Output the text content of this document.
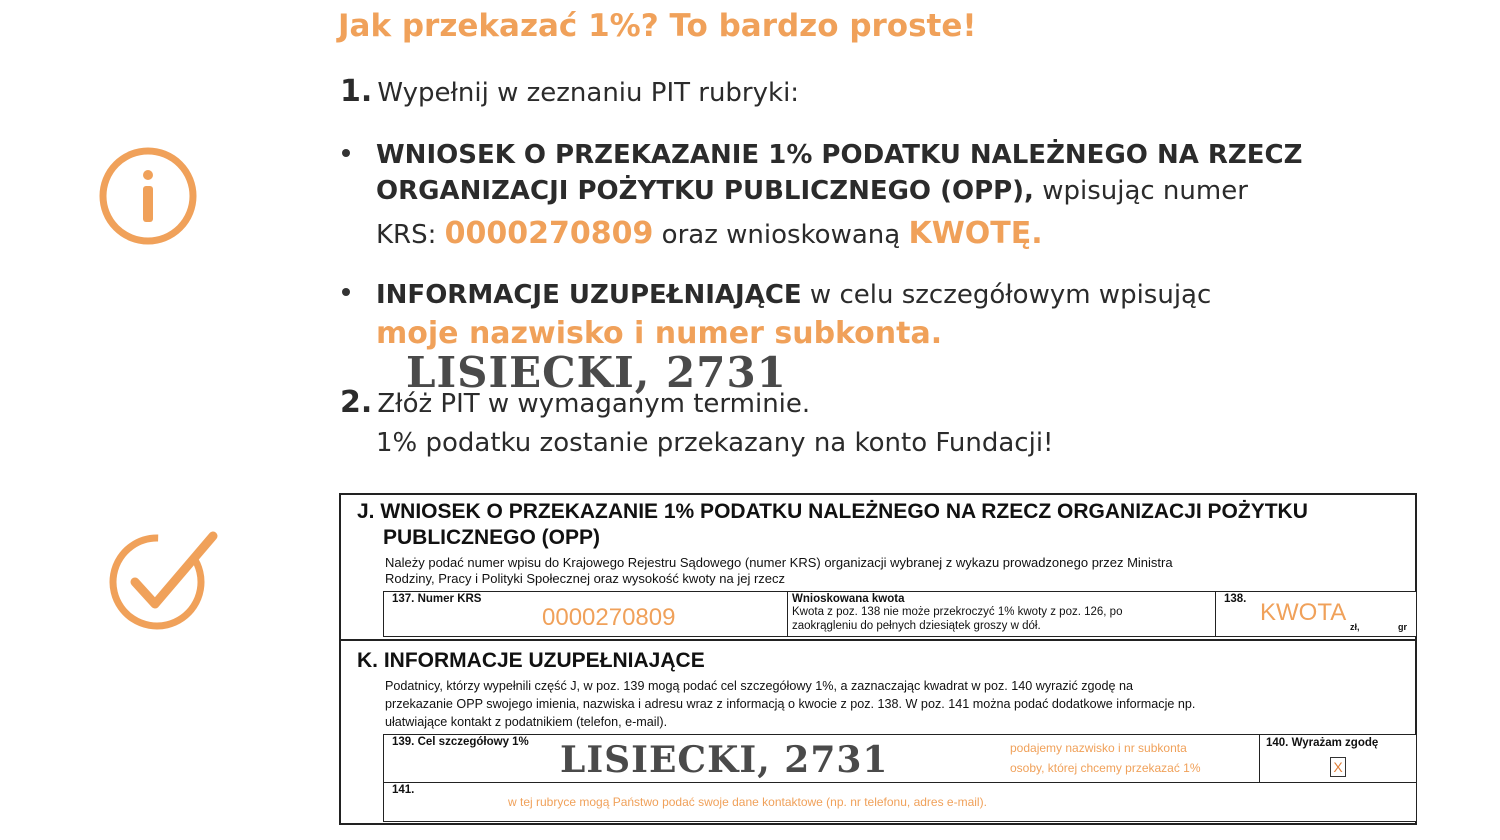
Jak przekazać 1%? To bardzo proste!
1. Wypełnij w zeznaniu PIT rubryki:
WNIOSEK O PRZEKAZANIE 1% PODATKU NALEŻNEGO NA RZECZ
ORGANIZACJI POŻYTKU PUBLICZNEGO (OPP), wpisując numer
KRS: 0000270809 oraz wnioskowaną KWOTĘ.
INFORMACJE UZUPEŁNIAJĄCE w celu szczegółowym wpisując
moje nazwisko i numer subkonta.
LISIECKI, 2731
2. Złóż PIT w wymaganym terminie.
1% podatku zostanie przekazany na konto Fundacji!
J. WNIOSEK O PRZEKAZANIE 1% PODATKU NALEŻNEGO NA RZECZ ORGANIZACJI POŻYTKU
PUBLICZNEGO (OPP)
Należy podać numer wpisu do Krajowego Rejestru Sądowego (numer KRS) organizacji wybranej z wykazu prowadzonego przez Ministra
Rodziny, Pracy i Polityki Społecznej oraz wysokość kwoty na jej rzecz
137. Numer KRS
0000270809
Wnioskowana kwota
Kwota z poz. 138 nie może przekroczyć 1% kwoty z poz. 126, po
zaokrągleniu do pełnych dziesiątek groszy w dół.
138. KWOTA
zł,	gr
K. INFORMACJE UZUPEŁNIAJĄCE
Podatnicy, którzy wypełnili część J, w poz. 139 mogą podać cel szczegółowy 1%, a zaznaczając kwadrat w poz. 140 wyrazić zgodę na
przekazanie OPP swojego imienia, nazwiska i adresu wraz z informacją o kwocie z poz. 138. W poz. 141 można podać dodatkowe informacje np.
ułatwiające kontakt z podatnikiem (telefon, e-mail).
139. Cel szczegółowy 1% LISIECKI, 2731	podajemy nazwisko i nr subkonta
osoby, której chcemy przekazać 1%
140. Wyrażam zgodę
X
141.
w tej rubryce mogą Państwo podać swoje dane kontaktowe (np. nr telefonu, adres e-mail).
